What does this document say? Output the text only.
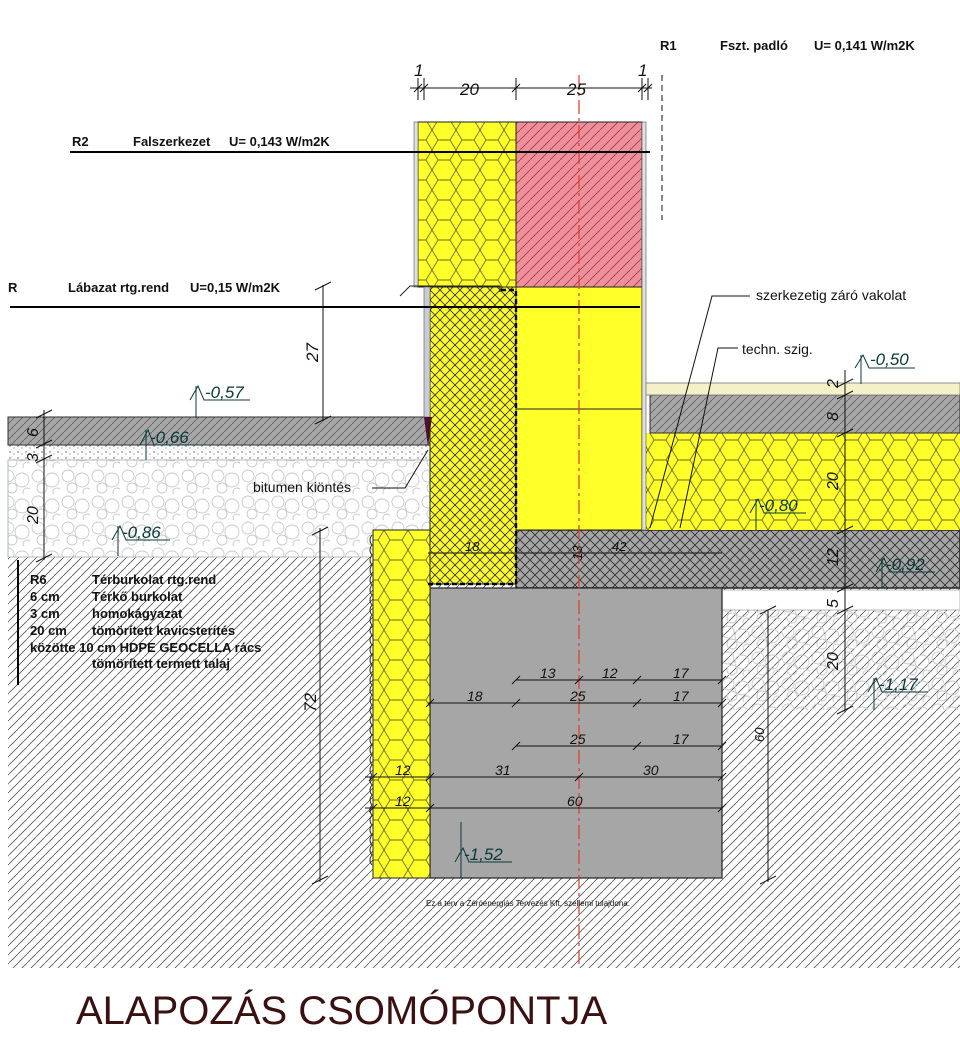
R1	Fszt. padló U= 0,141 W/m2K
R2	Falszerkezet U= 0,143 W/m2K
R	Lábazat rtg.rend U=0,15 W/m2K	szerkezetig záró vakolat
techn. szig.
bitumen kiöntés
-0,50
-0,57
-0,66
-0,80
-0,86
-0,92
-1,17
-1,52
1
20	25
1
27
6
3
20
72
2
8
20
12
5
20
60
18	13 42
13	12	17
18	25	17
25	17
12	31	30
12	60
R6	Térburkolat rtg.rend
6 cm Térkő burkolat
3 cm homokágyazat
20 cm tömörített kavicsterítés
közötte 10 cm HDPE GEOCELLA rács
tömörített termett talaj
Ez a terv a Zéróenergiás Tervezés Kft. szellemi tulajdona.
ALAPOZÁS CSOMÓPONTJA
